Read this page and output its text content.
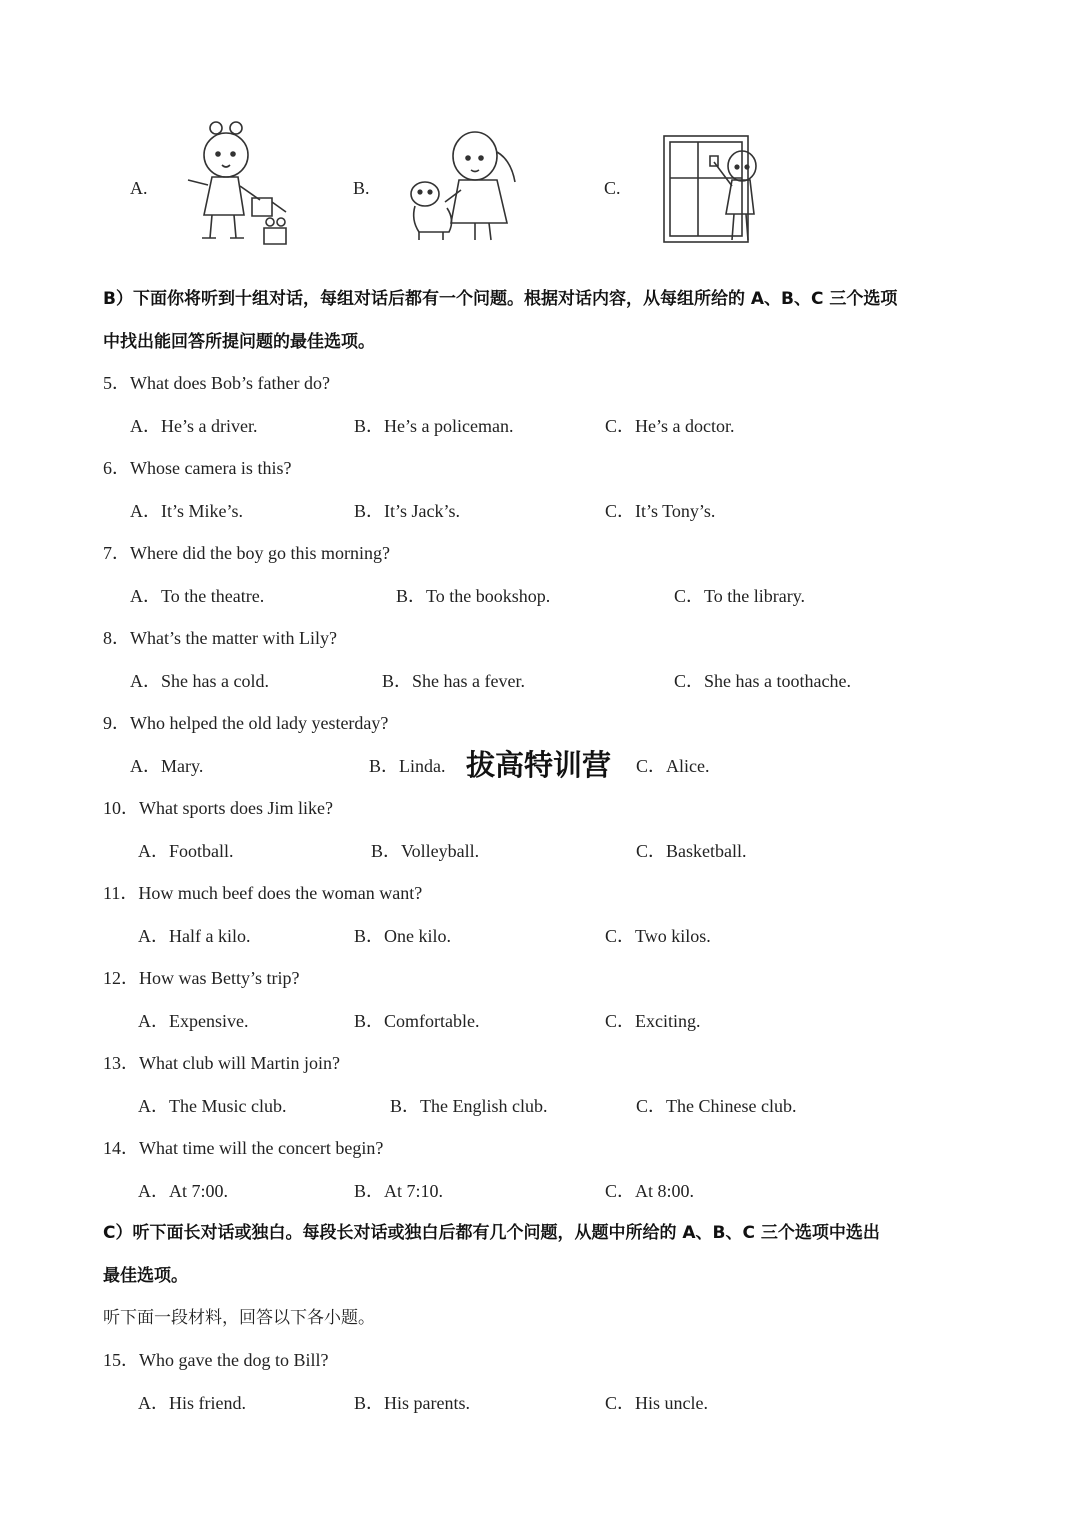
A.	B.	C.
B）下面你将听到十组对话，每组对话后都有一个问题。根据对话内容，从每组所给的 A、B、C 三个选项
中找出能回答所提问题的最佳选项。
5．What does Bob’s father do?
A．He’s a driver.	B．He’s a policeman.	C．He’s a doctor.
6．Whose camera is this?
A．It’s Mike’s.	B．It’s Jack’s.	C．It’s Tony’s.
7．Where did the boy go this morning?
A．To the theatre.	B．To the bookshop.	C．To the library.
8．What’s the matter with Lily?
A．She has a cold.	B．She has a fever.	C．She has a toothache.
9．Who helped the old lady yesterday?
A．Mary.	B．Linda. 拔高特训营 C．Alice.
10．What sports does Jim like?
A．Football.	B．Volleyball.	C．Basketball.
11．How much beef does the woman want?
A．Half a kilo.	B．One kilo.	C．Two kilos.
12．How was Betty’s trip?
A．Expensive.	B．Comfortable.	C．Exciting.
13．What club will Martin join?
A．The Music club.	B．The English club.	C．The Chinese club.
14．What time will the concert begin?
A．At 7:00.	B．At 7:10.	C．At 8:00.
C）听下面长对话或独白。每段长对话或独白后都有几个问题，从题中所给的 A、B、C 三个选项中选出
最佳选项。
听下面一段材料，回答以下各小题。
15．Who gave the dog to Bill?
A．His friend.	B．His parents.	C．His uncle.
